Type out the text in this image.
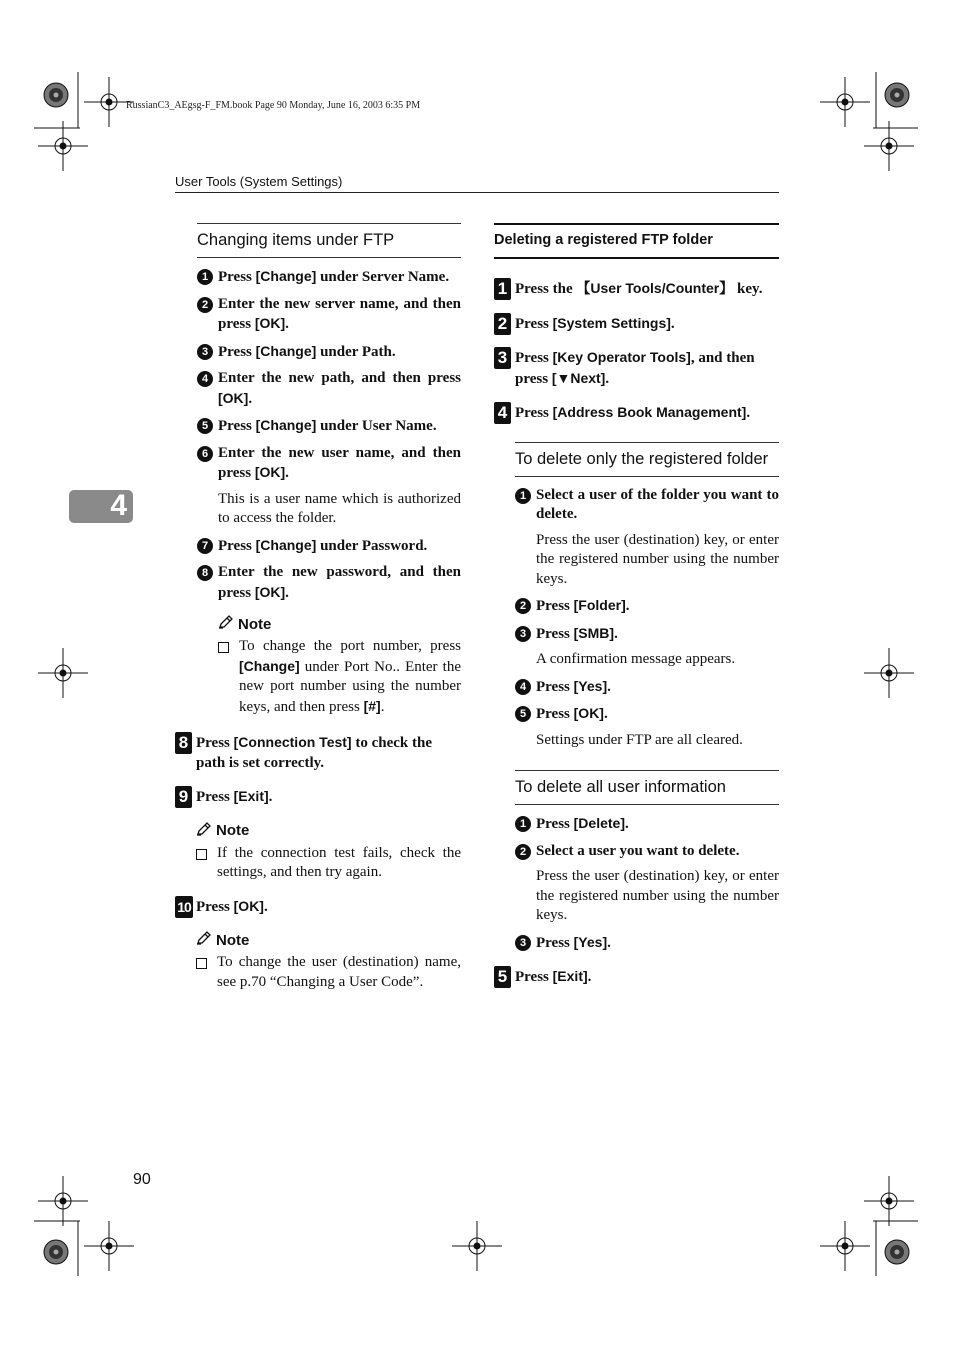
RussianC3_AEgsg-F_FM.book Page 90 Monday, June 16, 2003 6:35 PM
User Tools (System Settings)
4
90
Changing items under FTP
1 Press [Change] under Server Name.
2 Enter the new server name, and then press [OK].
3 Press [Change] under Path.
4 Enter the new path, and then press [OK].
5 Press [Change] under User Name.
6 Enter the new user name, and then press [OK].
This is a user name which is authorized to access the folder.
7 Press [Change] under Password.
8 Enter the new password, and then press [OK].
Note
To change the port number, press [Change] under Port No.. Enter the new port number using the number keys, and then press [#].
8 Press [Connection Test] to check the path is set correctly.
9 Press [Exit].
Note
If the connection test fails, check the settings, and then try again.
10 Press [OK].
Note
To change the user (destination) name, see p.70 “Changing a User Code”.
Deleting a registered FTP folder
1 Press the 【User Tools/Counter】 key.
2 Press [System Settings].
3 Press [Key Operator Tools], and then press [▼Next].
4 Press [Address Book Management].
To delete only the registered folder
1 Select a user of the folder you want to delete.
Press the user (destination) key, or enter the registered number using the number keys.
2 Press [Folder].
3 Press [SMB].
A confirmation message appears.
4 Press [Yes].
5 Press [OK].
Settings under FTP are all cleared.
To delete all user information
1 Press [Delete].
2 Select a user you want to delete.
Press the user (destination) key, or enter the registered number using the number keys.
3 Press [Yes].
5 Press [Exit].
